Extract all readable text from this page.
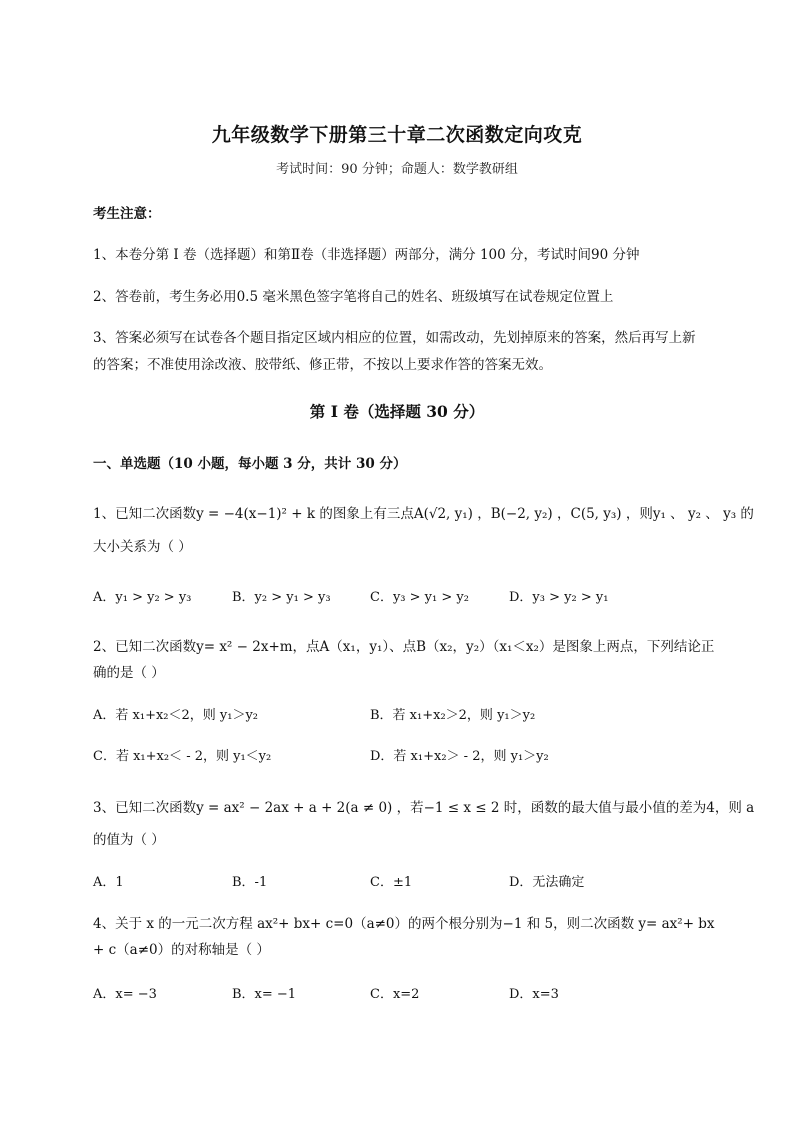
九年级数学下册第三十章二次函数定向攻克
考试时间：90 分钟；命题人：数学教研组
考生注意：
1、本卷分第 I 卷（选择题）和第Ⅱ卷（非选择题）两部分，满分 100 分，考试时间90 分钟
2、答卷前，考生务必用0.5 毫米黑色签字笔将自己的姓名、班级填写在试卷规定位置上
3、答案必须写在试卷各个题目指定区域内相应的位置，如需改动，先划掉原来的答案，然后再写上新
的答案；不准使用涂改液、胶带纸、修正带，不按以上要求作答的答案无效。
第 I 卷（选择题 30 分）
一、单选题（10 小题，每小题 3 分，共计 30 分）
1、已知二次函数y = −4(x−1)² + k 的图象上有三点A(√2, y₁) ，B(−2, y₂) ，C(5, y₃) ，则y₁ 、 y₂ 、 y₃ 的
大小关系为（ ）
A．y₁ > y₂ > y₃	B．y₂ > y₁ > y₃	C．y₃ > y₁ > y₂	D．y₃ > y₂ > y₁
2、已知二次函数y= x² − 2x+m，点A（x₁，y₁）、点B（x₂，y₂）（x₁＜x₂）是图象上两点，下列结论正
确的是（ ）
A．若 x₁+x₂＜2，则 y₁＞y₂	B．若 x₁+x₂＞2，则 y₁＞y₂
C．若 x₁+x₂＜ - 2，则 y₁＜y₂	D．若 x₁+x₂＞ - 2，则 y₁＞y₂
3、已知二次函数y = ax² − 2ax + a + 2(a ≠ 0) ，若−1 ≤ x ≤ 2 时，函数的最大值与最小值的差为4，则 a
的值为（ ）
A．1	B．-1	C．±1	D．无法确定
4、关于 x 的一元二次方程 ax²+ bx+ c=0（a≠0）的两个根分别为−1 和 5，则二次函数 y= ax²+ bx
+ c（a≠0）的对称轴是（ ）
A．x= −3	B．x= −1	C．x=2	D．x=3
